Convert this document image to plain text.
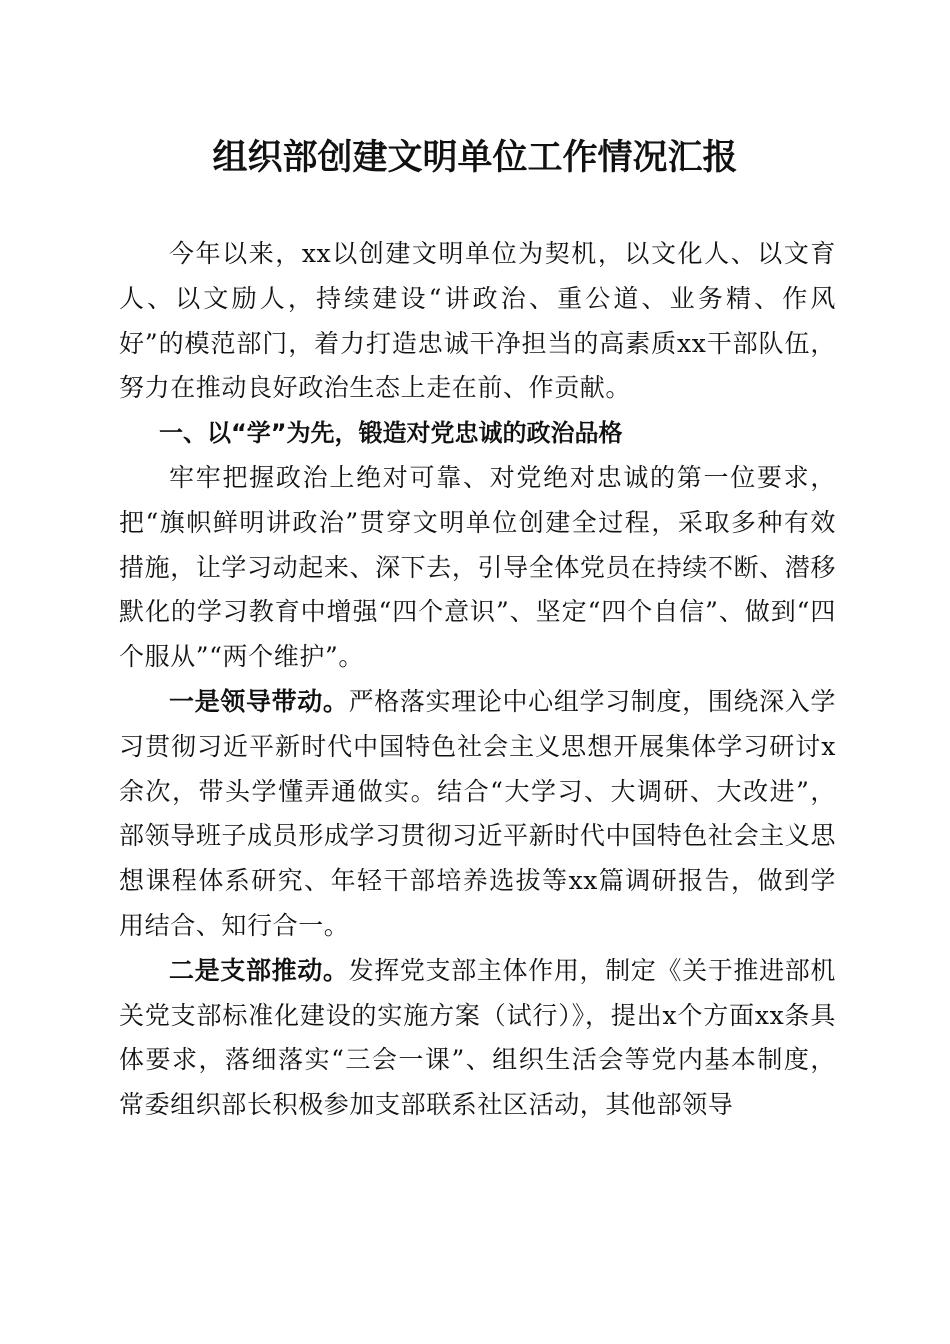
组织部创建文明单位工作情况汇报

今年以来，xx以创建文明单位为契机，以文化人、以文育人、以文励人，持续建设“讲政治、重公道、业务精、作风好”的模范部门，着力打造忠诚干净担当的高素质xx干部队伍，努力在推动良好政治生态上走在前、作贡献。

一、以“学”为先，锻造对党忠诚的政治品格

牢牢把握政治上绝对可靠、对党绝对忠诚的第一位要求，把“旗帜鲜明讲政治”贯穿文明单位创建全过程，采取多种有效措施，让学习动起来、深下去，引导全体党员在持续不断、潜移默化的学习教育中增强“四个意识”、坚定“四个自信”、做到“四个服从”“两个维护”。

一是领导带动。严格落实理论中心组学习制度，围绕深入学习贯彻习近平新时代中国特色社会主义思想开展集体学习研讨x余次，带头学懂弄通做实。结合“大学习、大调研、大改进”，部领导班子成员形成学习贯彻习近平新时代中国特色社会主义思想课程体系研究、年轻干部培养选拔等xx篇调研报告，做到学用结合、知行合一。

二是支部推动。发挥党支部主体作用，制定《关于推进部机关党支部标准化建设的实施方案（试行）》，提出x个方面xx条具体要求，落细落实“三会一课”、组织生活会等党内基本制度，常委组织部长积极参加支部联系社区活动，其他部领导
